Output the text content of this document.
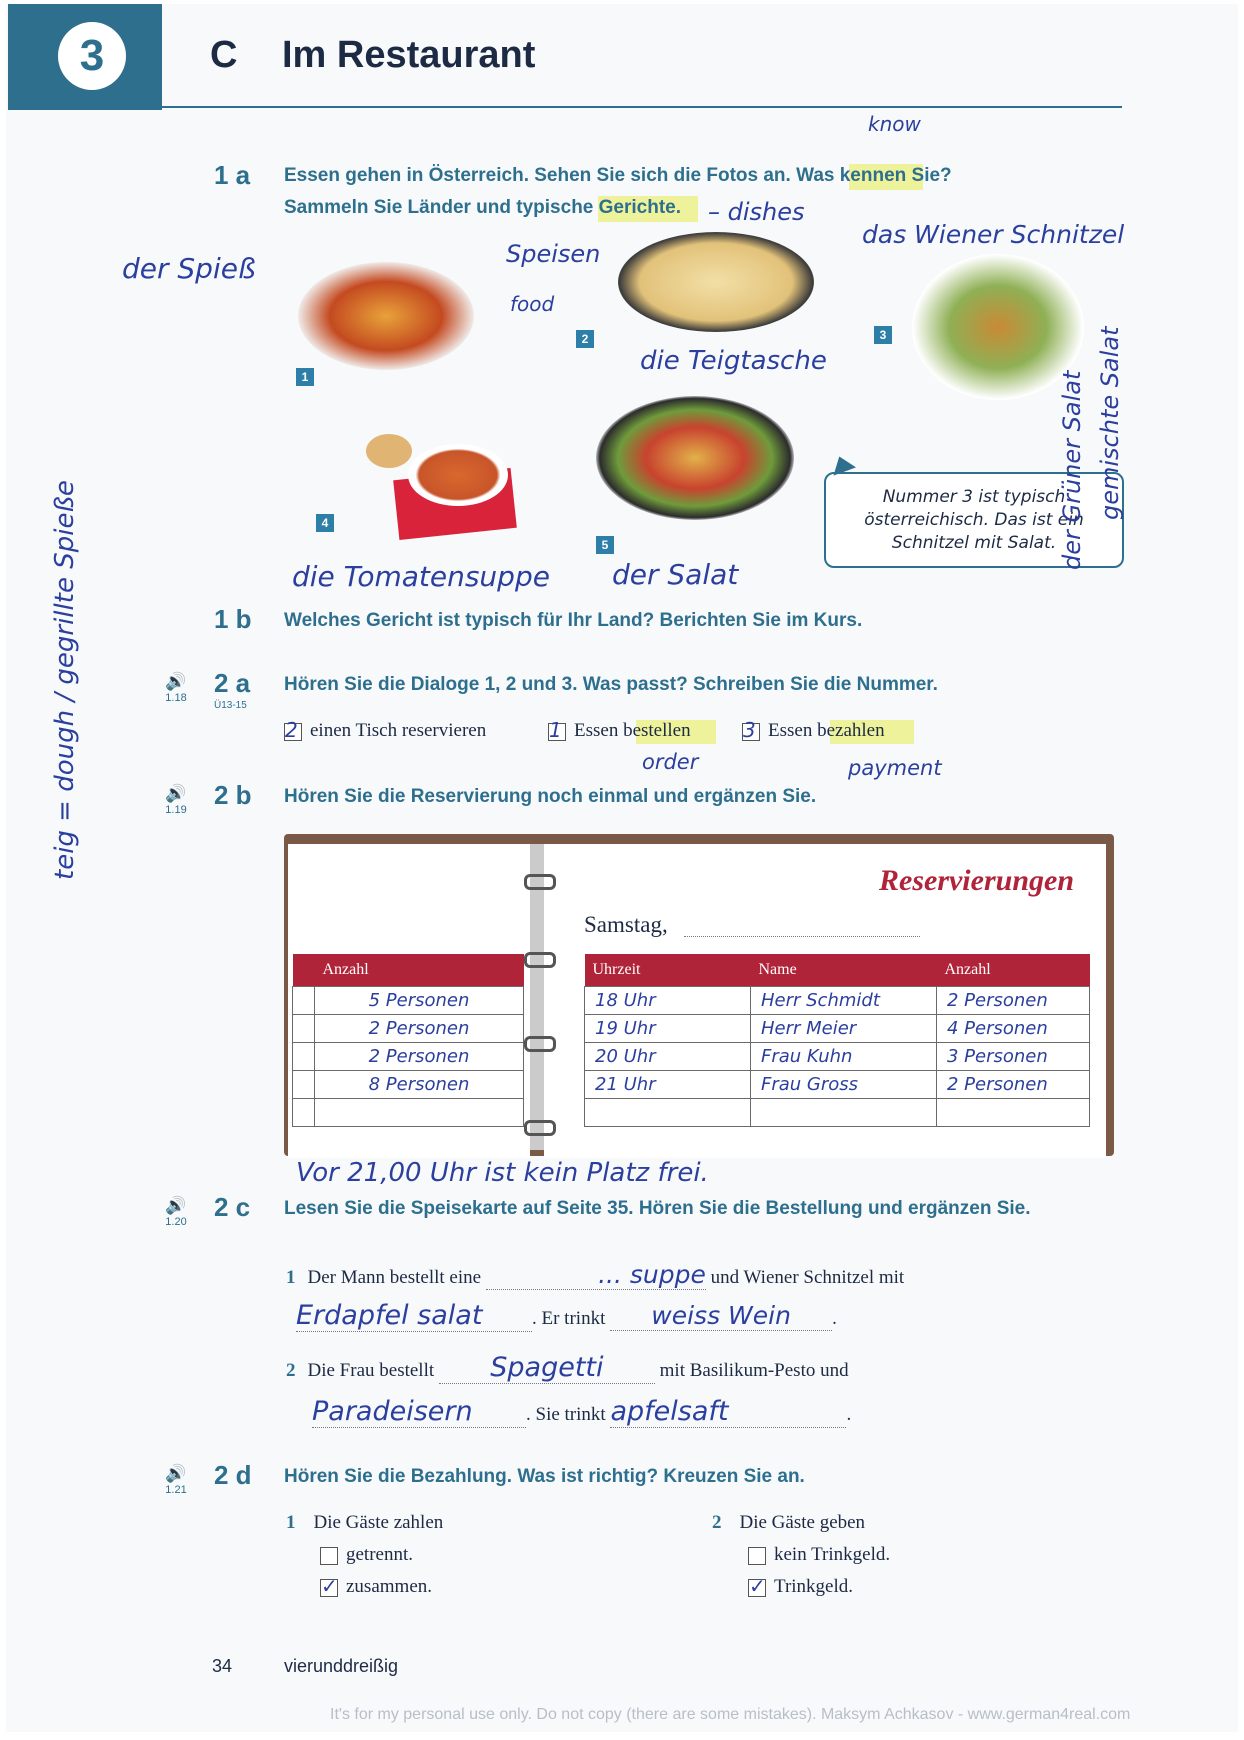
3	C Im Restaurant
1 a
know
Essen gehen in Österreich. Sehen Sie sich die Fotos an. Was kennen Sie?
Sammeln Sie Länder und typische Gerichte. – dishes
Speisen
food
1
der Spieß
2
die Teigtasche
3
das Wiener Schnitzel
4
die Tomatensuppe
5
der Salat
Nummer 3 ist typisch
österreichisch. Das ist ein
Schnitzel mit Salat. der Grüner Salat gemischte Salat
teig = dough / gegrillte Spieße	1 b Welches Gericht ist typisch für Ihr Land? Berichten Sie im Kurs.
🔊
1.18
Ü13-15
2 a Hören Sie die Dialoge 1, 2 und 3. Was passt? Schreiben Sie die Nummer.
2 einen Tisch reservieren	1 Essen bestellen	3 Essen bezahlen
order	payment
🔊
1.19	2 b Hören Sie die Reservierung noch einmal und ergänzen Sie.
Reservierungen
Samstag,
	Anzahl
	5 Personen
	2 Personen
	2 Personen
	8 Personen

Uhrzeit	Name	Anzahl
18 Uhr	Herr Schmidt	2 Personen
19 Uhr	Herr Meier	4 Personen
20 Uhr	Frau Kuhn	3 Personen
21 Uhr	Frau Gross	2 Personen

Vor 21,00 Uhr ist kein Platz frei.
🔊
1.20	2 c Lesen Sie die Speisekarte auf Seite 35. Hören Sie die Bestellung und ergänzen Sie.
1 Der Mann bestellt eine	... suppe und Wiener Schnitzel mit
Erdapfel salat	. Er trinkt weiss Wein .
2 Die Frau bestellt Spagetti	mit Basilikum-Pesto und
Paradeisern	. Sie trinkt apfelsaft	.
🔊
1.21	2 d Hören Sie die Bezahlung. Was ist richtig? Kreuzen Sie an.
1 Die Gäste zahlen
getrennt.
✓ zusammen.
2 Die Gäste geben
kein Trinkgeld.
✓ Trinkgeld.
34	vierunddreißig
It's for my personal use only. Do not copy (there are some mistakes). Maksym Achkasov - www.german4real.com
